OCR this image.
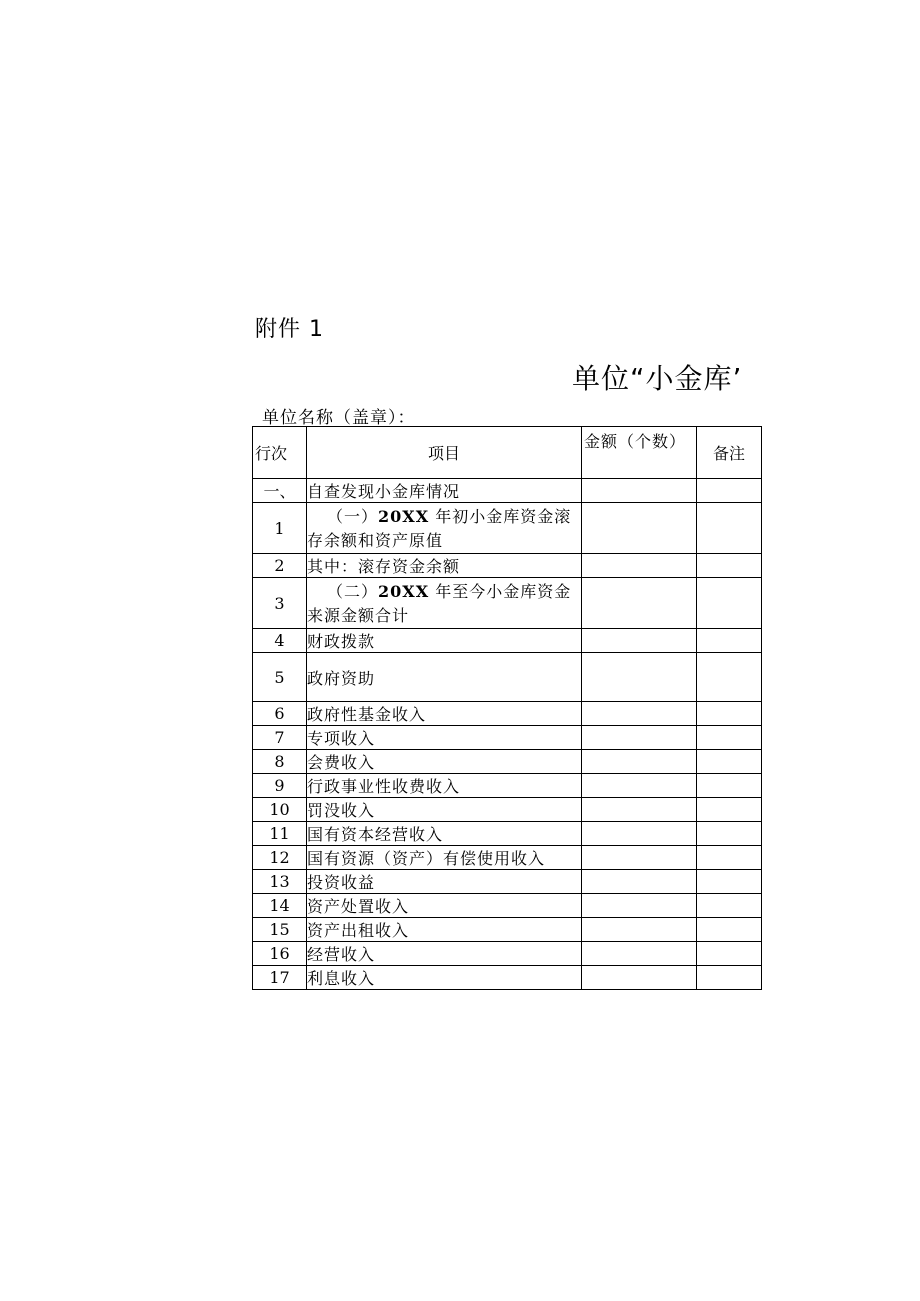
附件 1
单位“小金库’
单位名称（盖章）：
行次	项目	金额（个数）	备注
一、	自查发现小金库情况		
1	（一）20XX 年初小金库资金滚存余额和资产原值		
2	其中：滚存资金余额		
3	（二）20XX 年至今小金库资金来源金额合计		
4	财政拨款		
5	政府资助		
6	政府性基金收入		
7	专项收入		
8	会费收入		
9	行政事业性收费收入		
10	罚没收入		
11	国有资本经营收入		
12	国有资源（资产）有偿使用收入		
13	投资收益		
14	资产处置收入		
15	资产出租收入		
16	经营收入		
17	利息收入		
